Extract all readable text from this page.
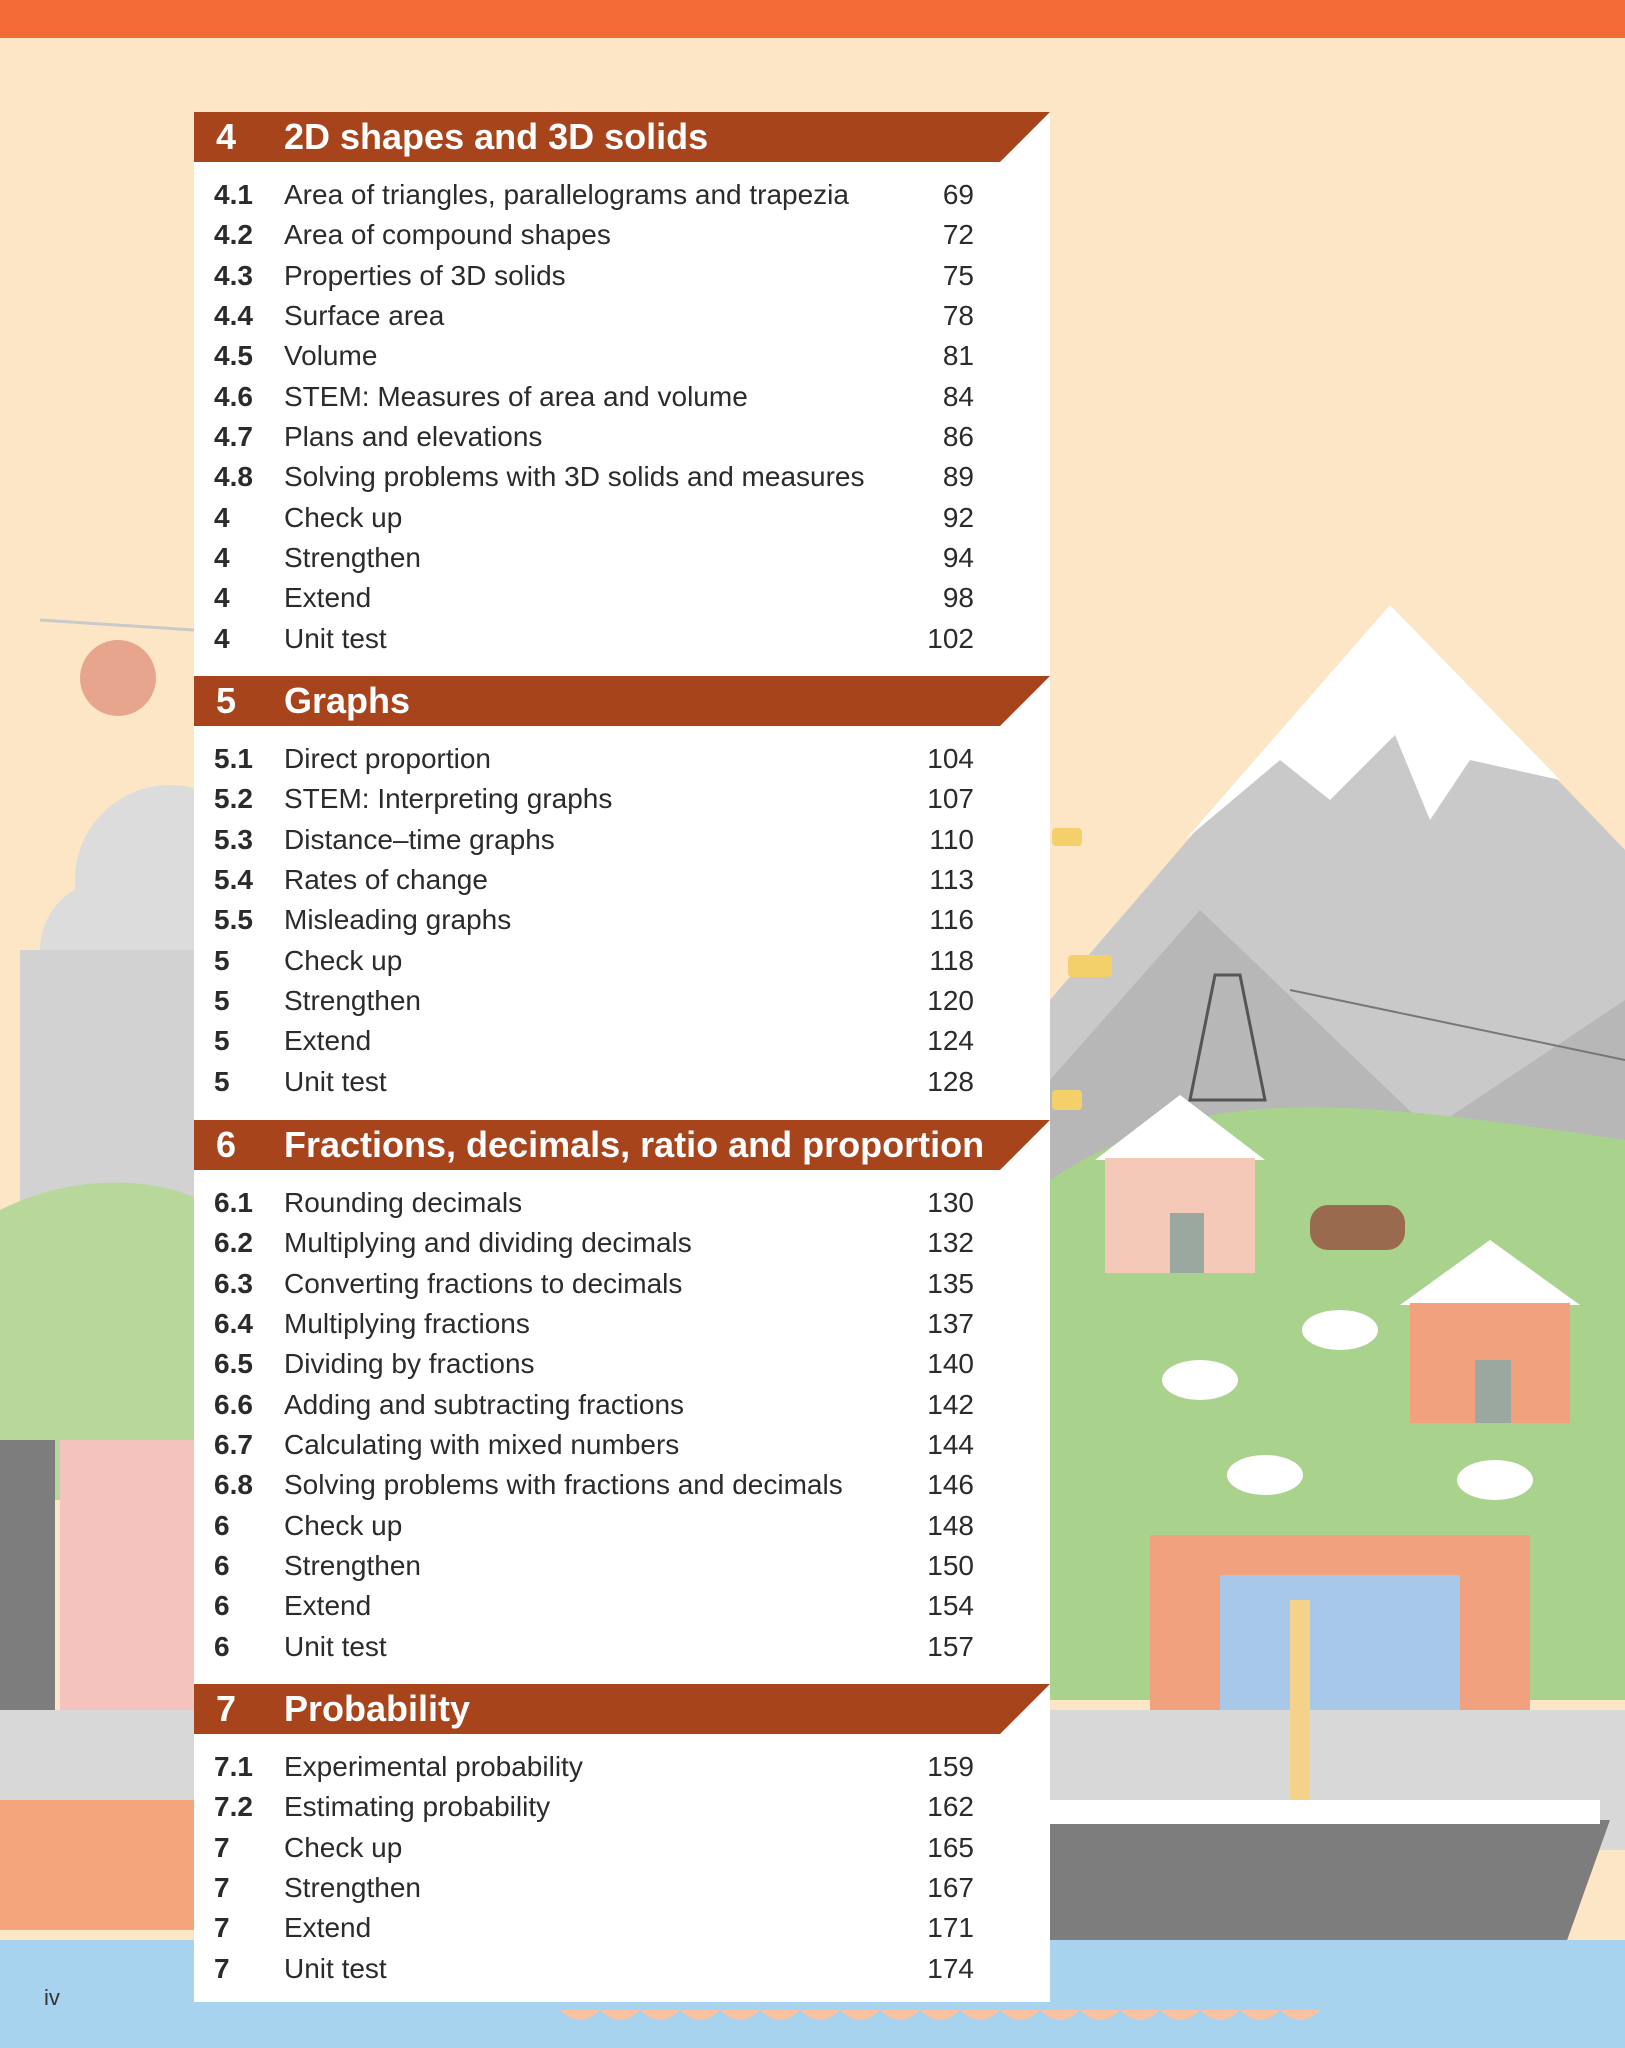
4 2D shapes and 3D solids
4.1 Area of triangles, parallelograms and trapezia	69
4.2 Area of compound shapes	72
4.3 Properties of 3D solids	75
4.4 Surface area	78
4.5 Volume	81
4.6 STEM: Measures of area and volume	84
4.7 Plans and elevations	86
4.8 Solving problems with 3D solids and measures	89
4 Check up	92
4 Strengthen	94
4 Extend	98
4 Unit test	102
5 Graphs
5.1 Direct proportion	104
5.2 STEM: Interpreting graphs	107
5.3 Distance–time graphs	110
5.4 Rates of change	113
5.5 Misleading graphs	116
5 Check up	118
5 Strengthen	120
5 Extend	124
5 Unit test	128
6 Fractions, decimals, ratio and proportion
6.1 Rounding decimals	130
6.2 Multiplying and dividing decimals	132
6.3 Converting fractions to decimals	135
6.4 Multiplying fractions	137
6.5 Dividing by fractions	140
6.6 Adding and subtracting fractions	142
6.7 Calculating with mixed numbers	144
6.8 Solving problems with fractions and decimals	146
6 Check up	148
6 Strengthen	150
6 Extend	154
6 Unit test	157
7 Probability
7.1 Experimental probability	159
7.2 Estimating probability	162
7 Check up	165
7 Strengthen	167
7 Extend	171
7 Unit test	174
iv
